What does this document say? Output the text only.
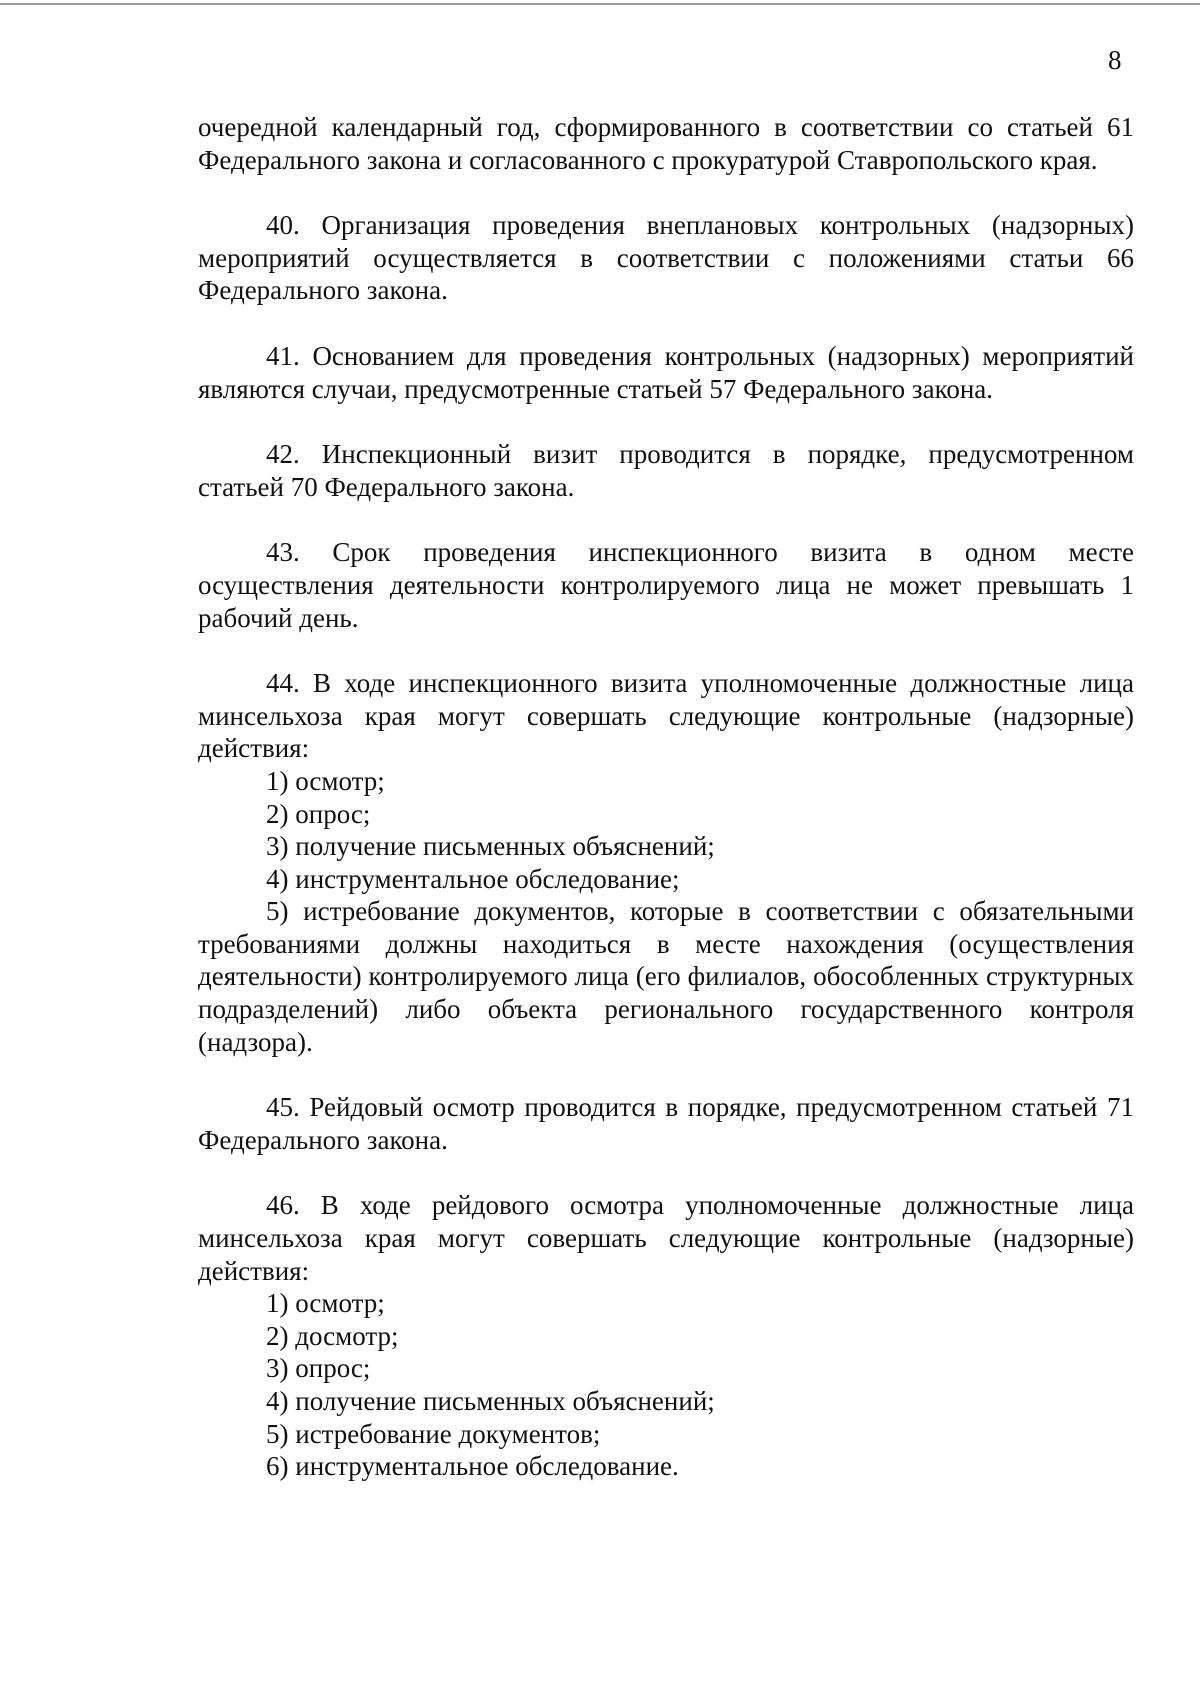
8

очередной календарный год, сформированного в соответствии со статьей 61 Федерального закона и согласованного с прокуратурой Ставропольского края.

40. Организация проведения внеплановых контрольных (надзорных) мероприятий осуществляется в соответствии с положениями статьи 66 Федерального закона.

41. Основанием для проведения контрольных (надзорных) мероприятий являются случаи, предусмотренные статьей 57 Федерального закона.

42. Инспекционный визит проводится в порядке, предусмотренном статьей 70 Федерального закона.

43. Срок проведения инспекционного визита в одном месте осуществления деятельности контролируемого лица не может превышать 1 рабочий день.

44. В ходе инспекционного визита уполномоченные должностные лица минсельхоза края могут совершать следующие контрольные (надзорные) действия:

1) осмотр;

2) опрос;

3) получение письменных объяснений;

4) инструментальное обследование;

5) истребование документов, которые в соответствии с обязательными требованиями должны находиться в месте нахождения (осуществления деятельности) контролируемого лица (его филиалов, обособленных структурных подразделений) либо объекта регионального государственного контроля (надзора).

45. Рейдовый осмотр проводится в порядке, предусмотренном статьей 71 Федерального закона.

46. В ходе рейдового осмотра уполномоченные должностные лица минсельхоза края могут совершать следующие контрольные (надзорные) действия:

1) осмотр;

2) досмотр;

3) опрос;

4) получение письменных объяснений;

5) истребование документов;

6) инструментальное обследование.
